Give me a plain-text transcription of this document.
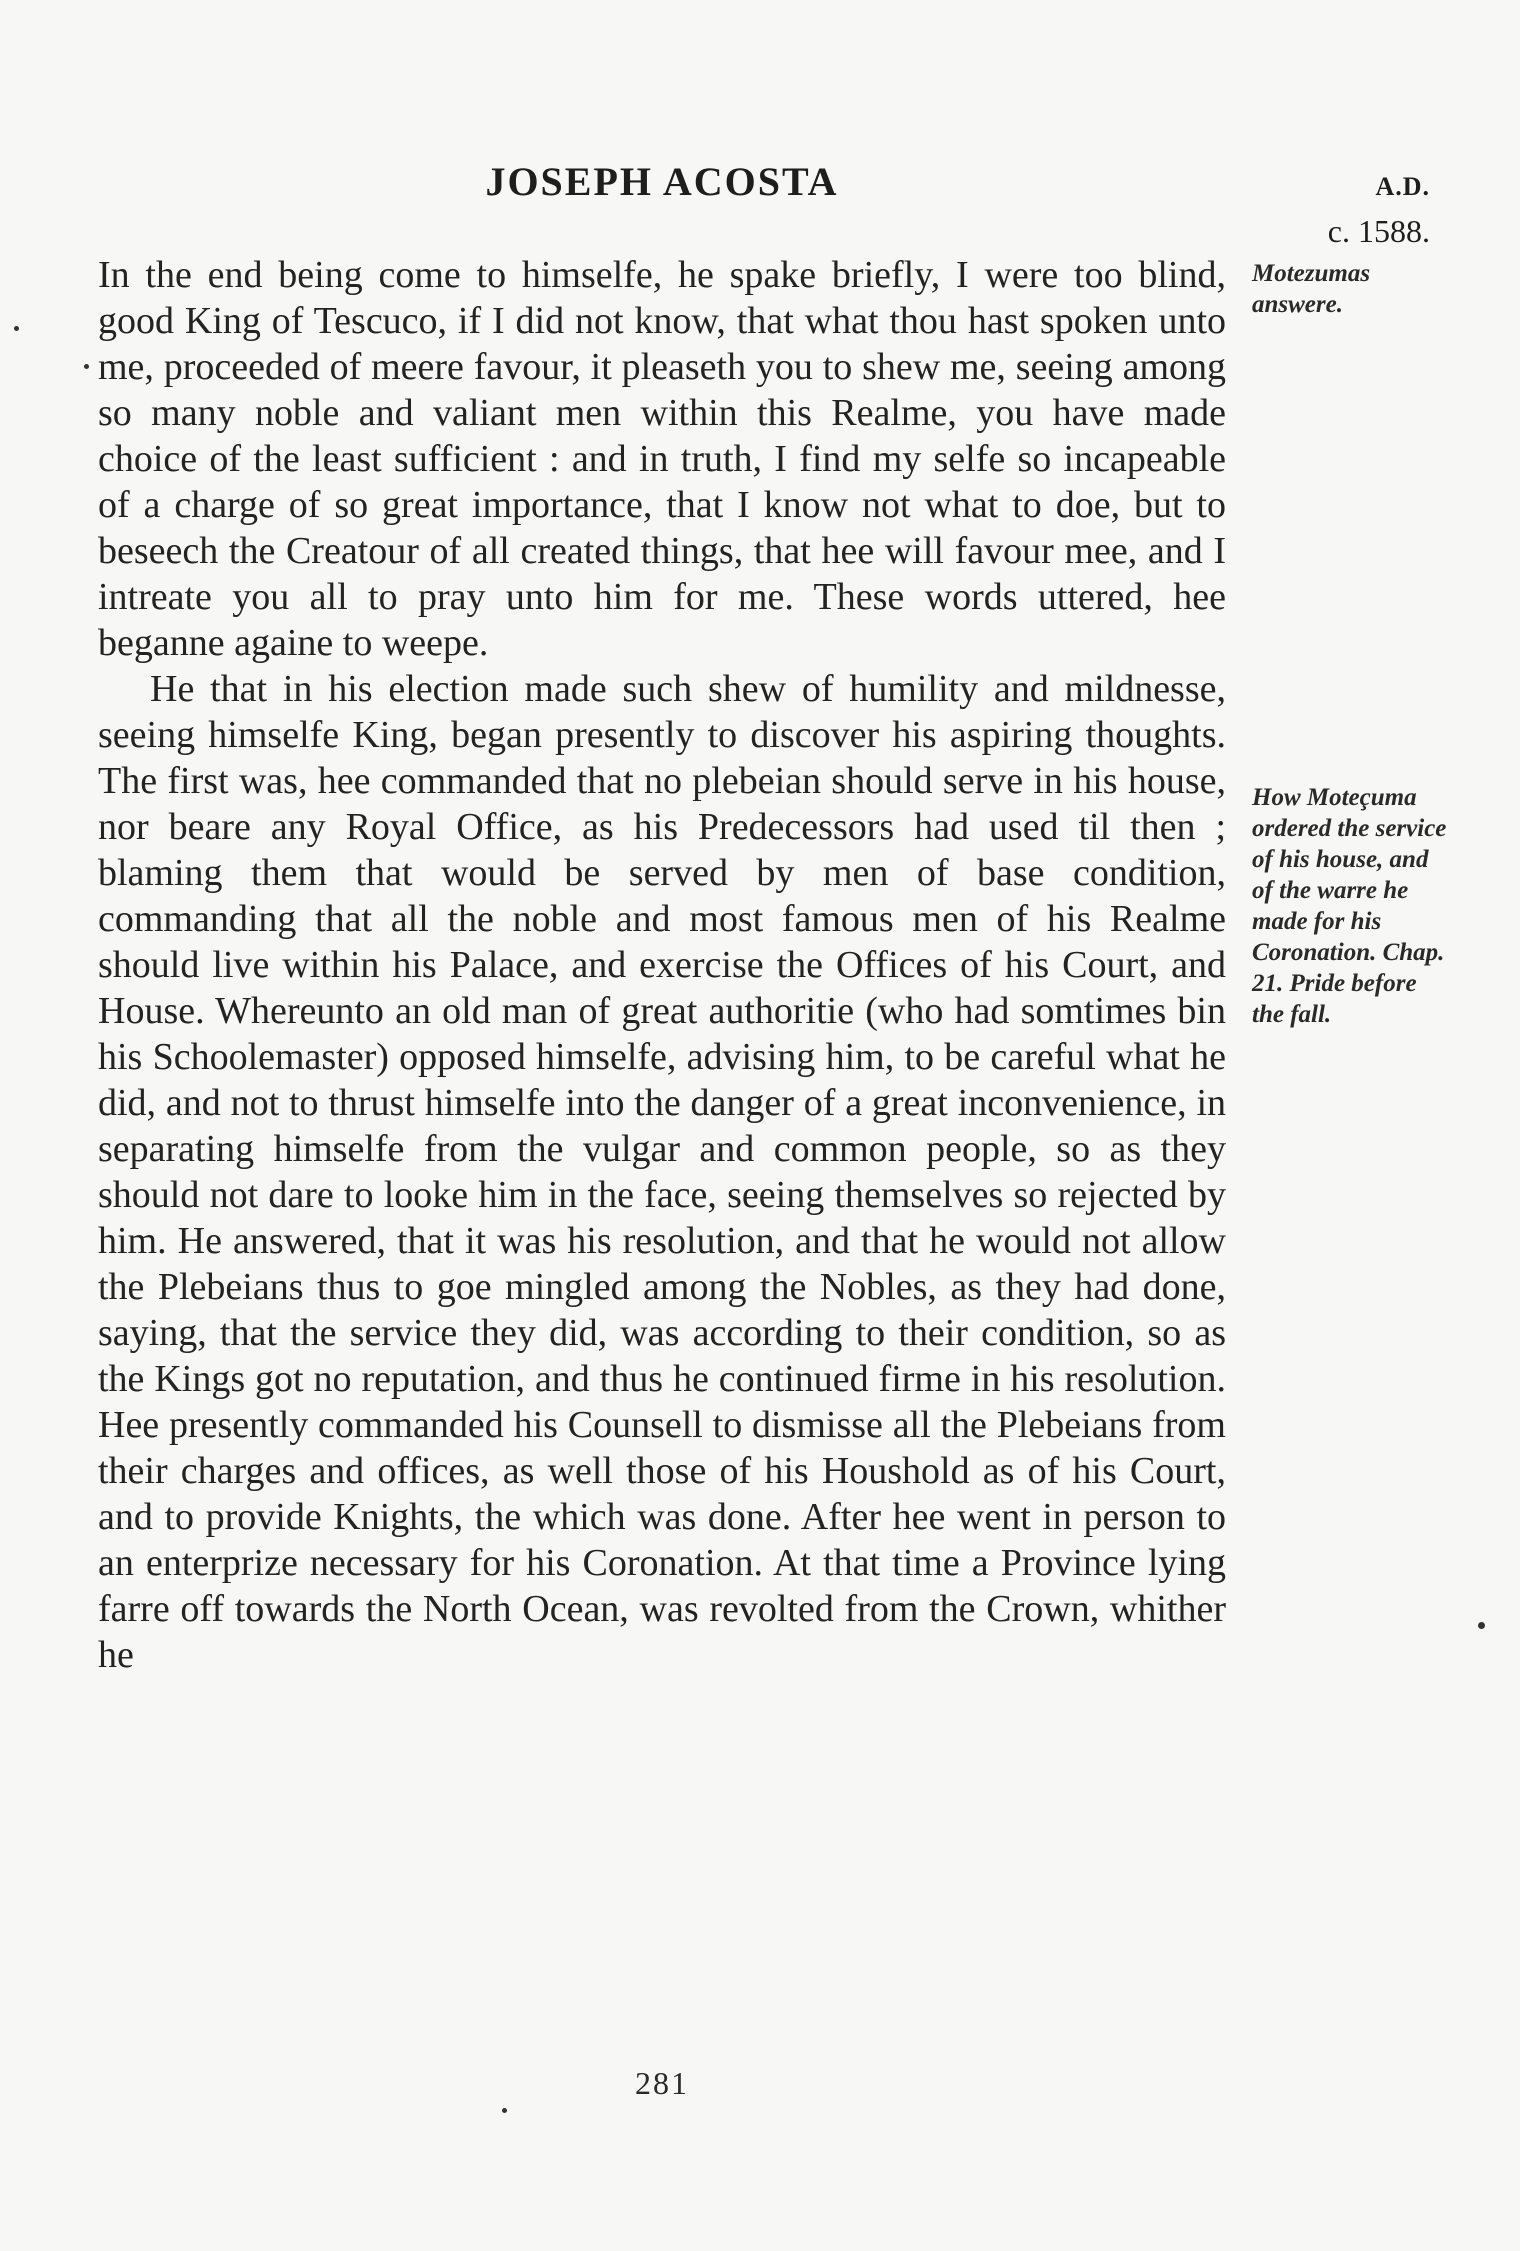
JOSEPH ACOSTA	A.D.
c. 1588.

In the end being come to himselfe, he spake briefly, I were too blind, good King of Tescuco, if I did not know, that what thou hast spoken unto me, proceeded of meere favour, it pleaseth you to shew me, seeing among so many noble and valiant men within this Realme, you have made choice of the least sufficient : and in truth, I find my selfe so incapeable of a charge of so great importance, that I know not what to doe, but to beseech the Creatour of all created things, that hee will favour mee, and I intreate you all to pray unto him for me. These words uttered, hee beganne againe to weepe.

He that in his election made such shew of humility and mildnesse, seeing himselfe King, began presently to discover his aspiring thoughts. The first was, hee commanded that no plebeian should serve in his house, nor beare any Royal Office, as his Predecessors had used til then ; blaming them that would be served by men of base condition, commanding that all the noble and most famous men of his Realme should live within his Palace, and exercise the Offices of his Court, and House. Whereunto an old man of great authoritie (who had somtimes bin his Schoolemaster) opposed himselfe, advising him, to be careful what he did, and not to thrust himselfe into the danger of a great inconvenience, in separating himselfe from the vulgar and common people, so as they should not dare to looke him in the face, seeing themselves so rejected by him. He answered, that it was his resolution, and that he would not allow the Plebeians thus to goe mingled among the Nobles, as they had done, saying, that the service they did, was according to their condition, so as the Kings got no reputation, and thus he continued firme in his resolution. Hee presently commanded his Counsell to dismisse all the Plebeians from their charges and offices, as well those of his Houshold as of his Court, and to provide Knights, the which was done. After hee went in person to an enterprize necessary for his Coronation. At that time a Province lying farre off towards the North Ocean, was revolted from the Crown, whither he

Motezumas answere.
How Moteçuma ordered the service of his house, and of the warre he made for his Coronation. Chap. 21. Pride before the fall.
281
